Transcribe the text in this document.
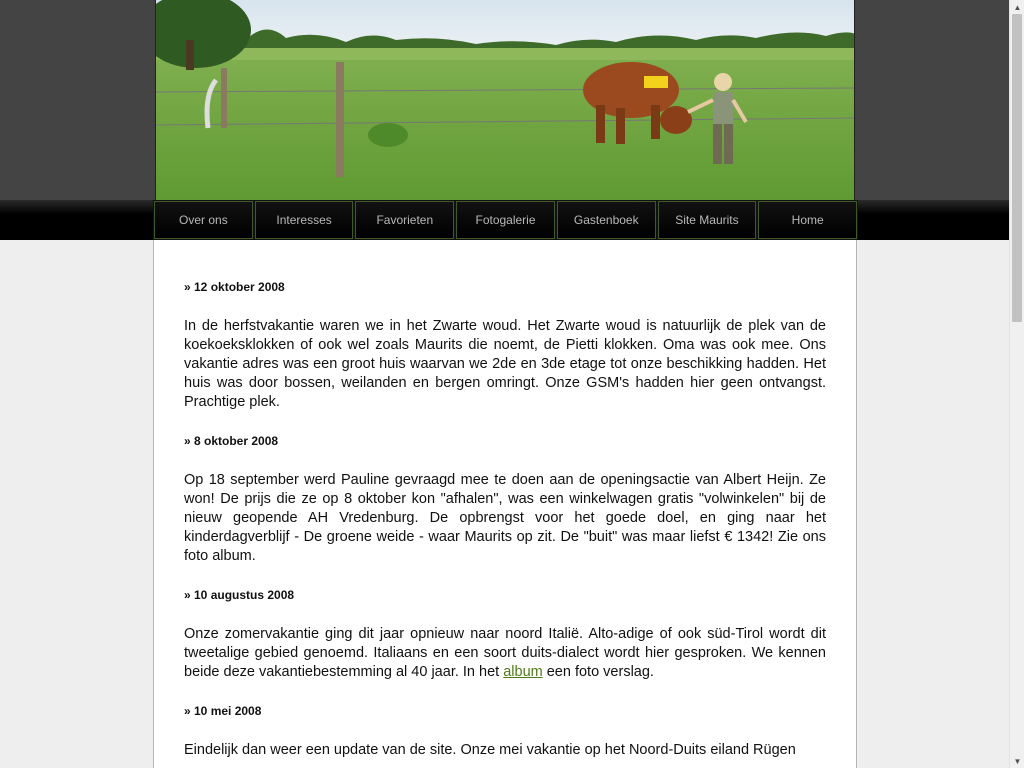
Over ons	Interesses	Favorieten	Fotogalerie	Gastenboek	Site Maurits	Home
» 12 oktober 2008

In de herfstvakantie waren we in het Zwarte woud. Het Zwarte woud is natuurlijk de plek van de koekoeksklokken of ook wel zoals Maurits die noemt, de Pietti klokken. Oma was ook mee. Ons vakantie adres was een groot huis waarvan we 2de en 3de etage tot onze beschikking hadden. Het huis was door bossen, weilanden en bergen omringt. Onze GSM's hadden hier geen ontvangst. Prachtige plek.

» 8 oktober 2008

Op 18 september werd Pauline gevraagd mee te doen aan de openingsactie van Albert Heijn. Ze won! De prijs die ze op 8 oktober kon "afhalen", was een winkelwagen gratis "volwinkelen" bij de nieuw geopende AH Vredenburg. De opbrengst voor het goede doel, en ging naar het kinderdagverblijf - De groene weide - waar Maurits op zit. De "buit" was maar liefst € 1342! Zie ons foto album.

» 10 augustus 2008

Onze zomervakantie ging dit jaar opnieuw naar noord Italië. Alto-adige of ook süd-Tirol wordt dit tweetalige gebied genoemd. Italiaans en een soort duits-dialect wordt hier gesproken. We kennen beide deze vakantiebestemming al 40 jaar. In het album een foto verslag.

» 10 mei 2008

Eindelijk dan weer een update van de site. Onze mei vakantie op het Noord-Duits eiland Rügen

▲
▼
